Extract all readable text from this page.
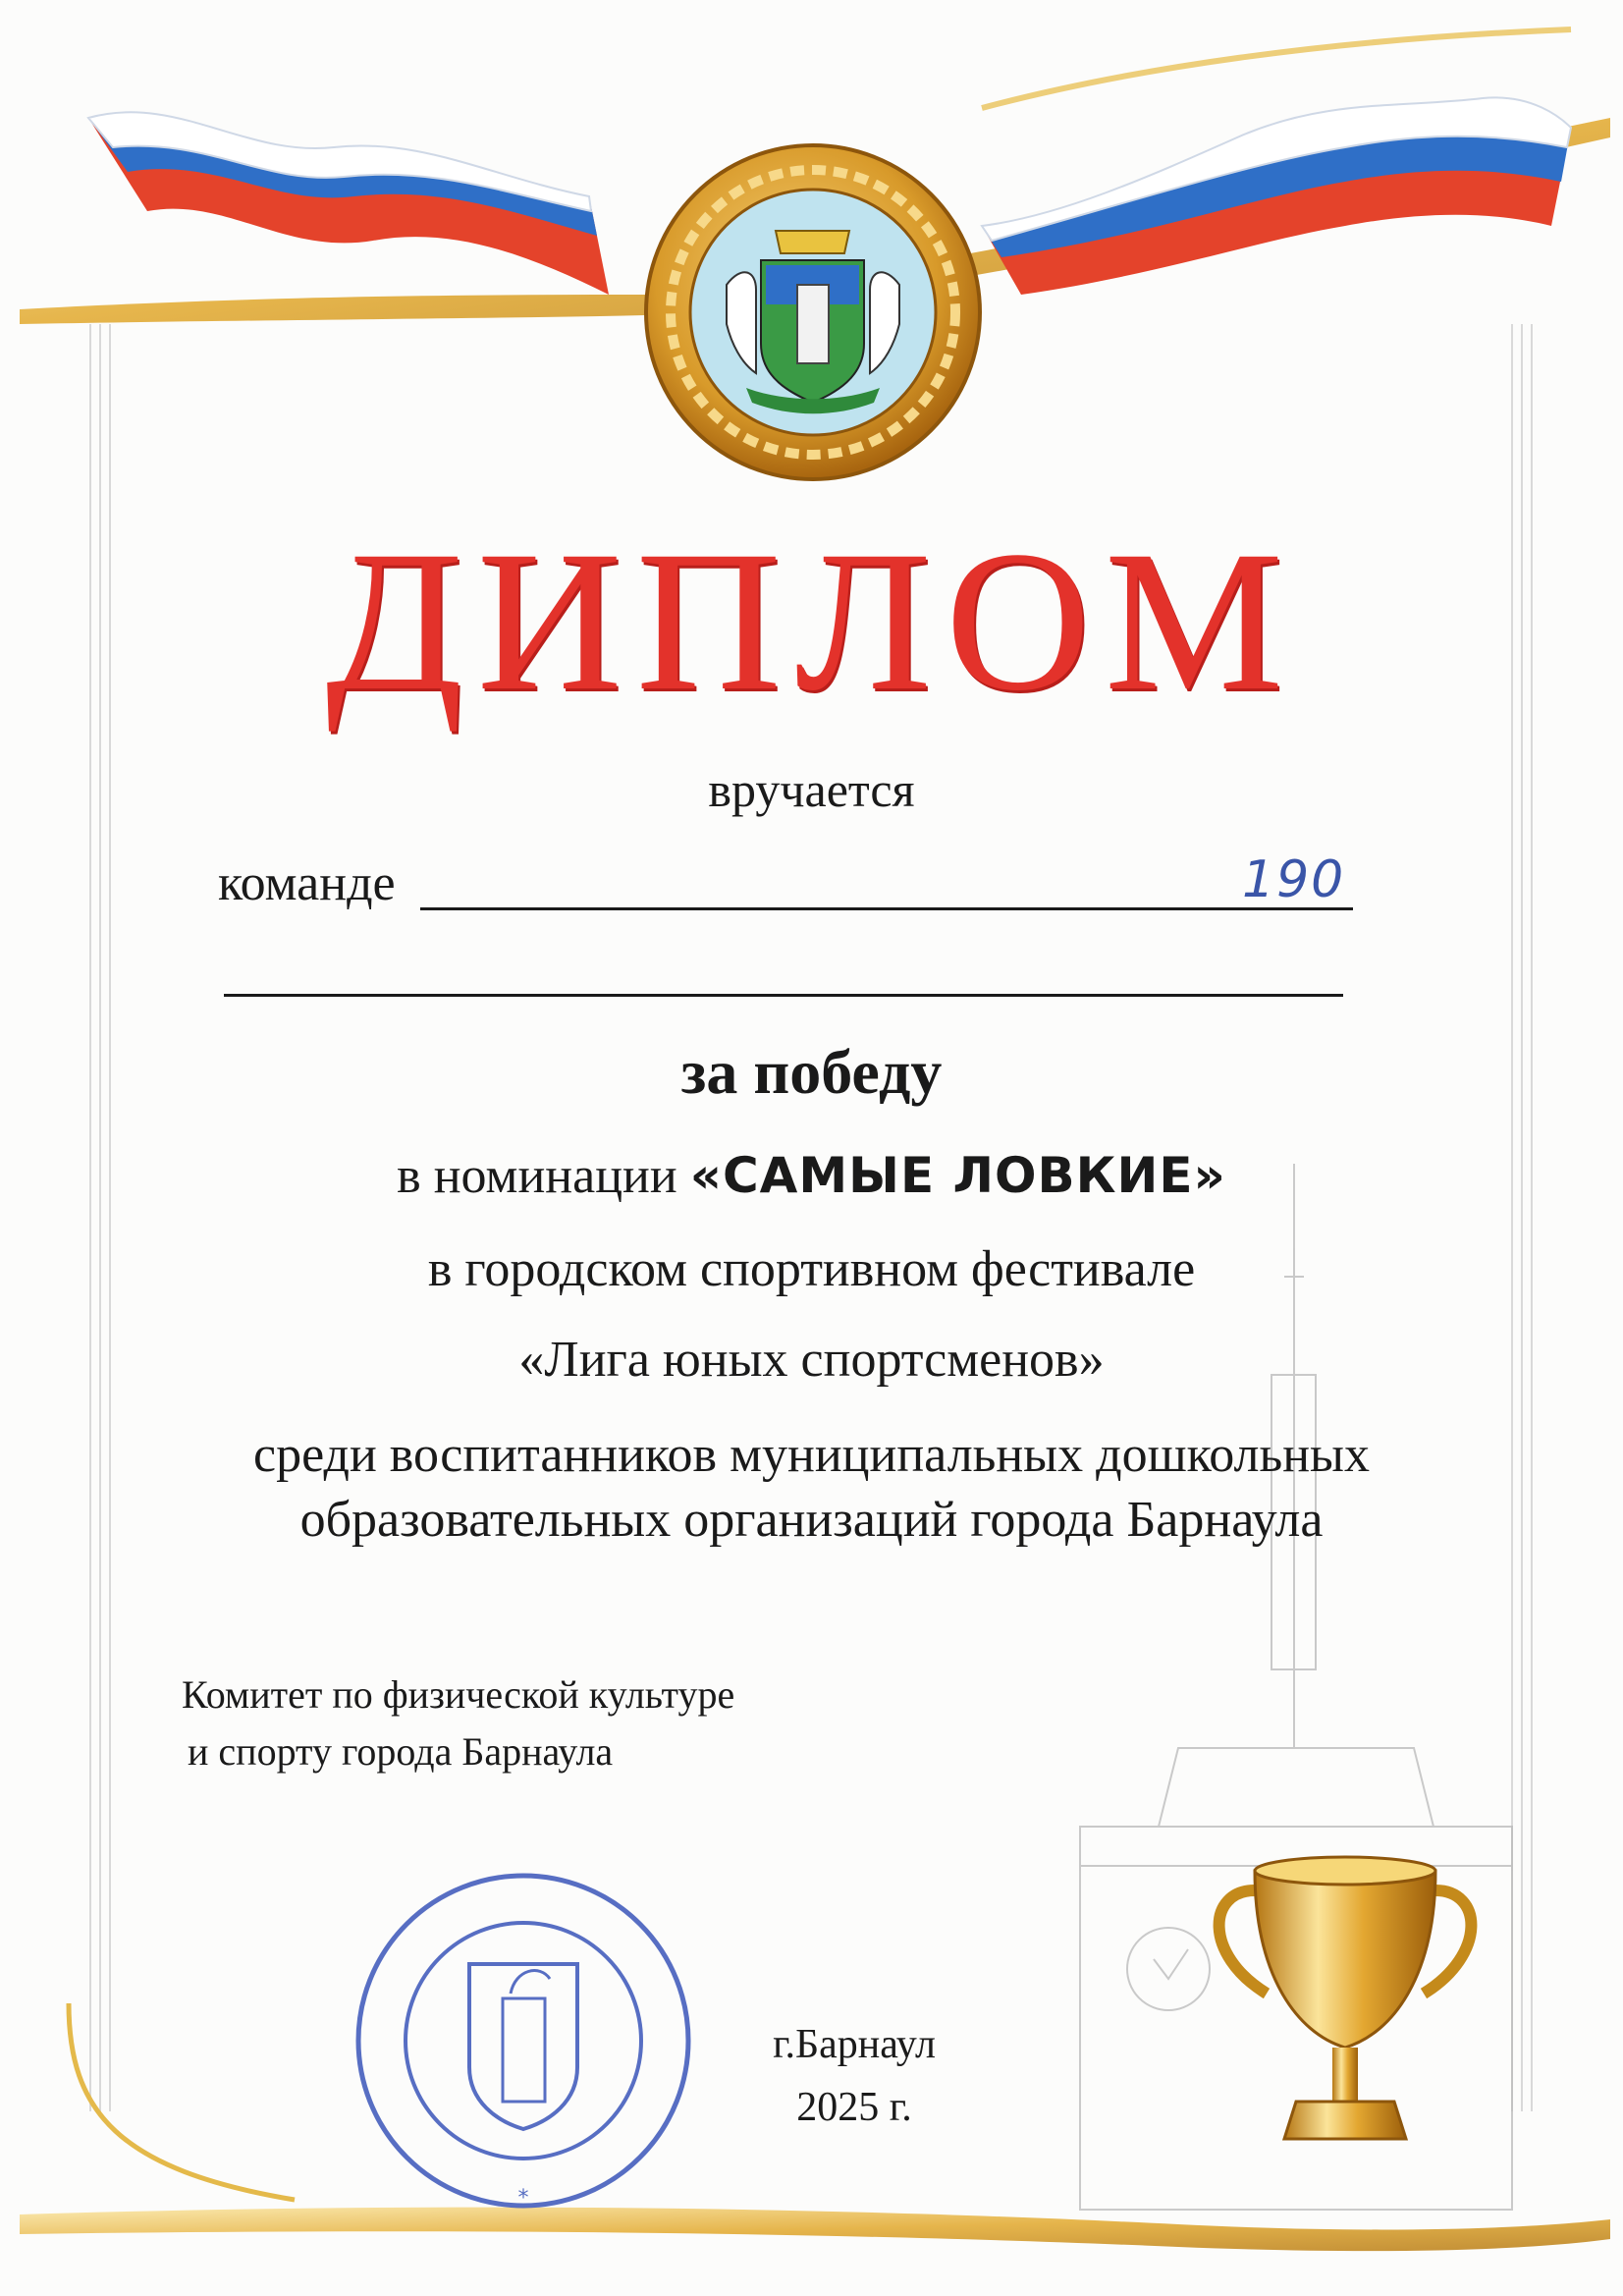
*
ДИПЛОМ
вручается
команде	190
за победу
в номинации «САМЫЕ ЛОВКИЕ»
в городском спортивном фестивале
«Лига юных спортсменов»
среди воспитанников муниципальных дошкольных
образовательных организаций города Барнаула
Комитет по физической культуре
и спорту города Барнаула
г.Барнаул
2025 г.
